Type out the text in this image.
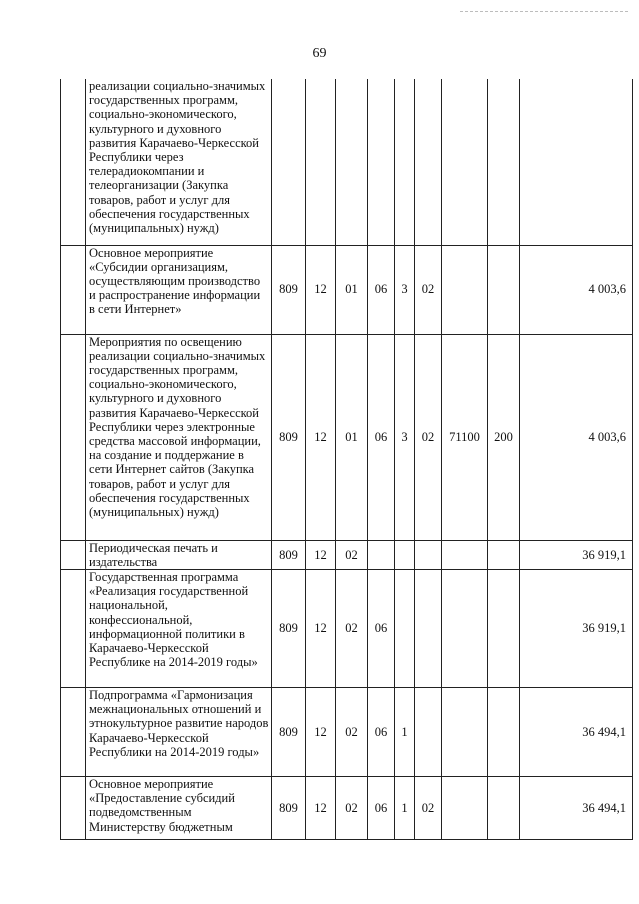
69
	реализации социально-значимых государственных программ, социально-экономического, культурного и духовного развития Карачаево-Черкесской Республики через телерадиокомпании и телеорганизации (Закупка товаров, работ и услуг для обеспечения государственных (муниципальных) нужд)									
	Основное мероприятие «Субсидии организациям, осуществляющим производство и распространение информации в сети Интернет»	809	12	01	06	3	02			4 003,6
	Мероприятия по освещению реализации социально-значимых государственных программ, социально-экономического, культурного и духовного развития Карачаево-Черкесской Республики через электронные средства массовой информации, на создание и поддержание в сети Интернет сайтов (Закупка товаров, работ и услуг для обеспечения государственных (муниципальных) нужд)	809	12	01	06	3	02	71100	200	4 003,6
	Периодическая печать и издательства	809	12	02						36 919,1
	Государственная программа «Реализация государственной национальной, конфессиональной, информационной политики в Карачаево-Черкесской Республике на 2014-2019 годы»	809	12	02	06					36 919,1
	Подпрограмма «Гармонизация межнациональных отношений и этнокультурное развитие народов Карачаево-Черкесской Республики на 2014-2019 годы»	809	12	02	06	1				36 494,1
	Основное мероприятие «Предоставление субсидий подведомственным Министерству бюджетным	809	12	02	06	1	02			36 494,1
